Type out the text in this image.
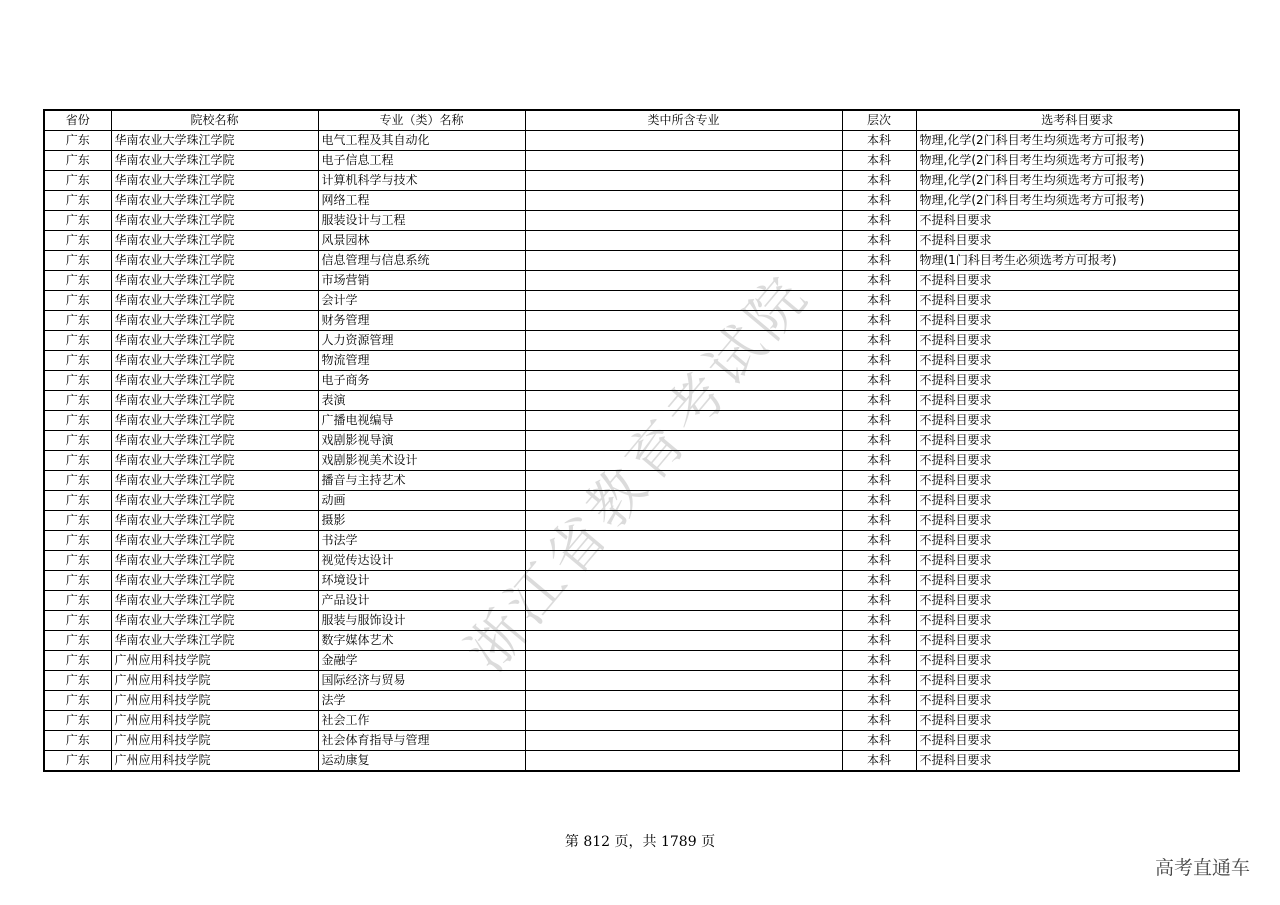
浙江省教育考试院
省份	院校名称	专业（类）名称	类中所含专业	层次	选考科目要求
广东	华南农业大学珠江学院	电气工程及其自动化		本科	物理,化学(2门科目考生均须选考方可报考)
广东	华南农业大学珠江学院	电子信息工程		本科	物理,化学(2门科目考生均须选考方可报考)
广东	华南农业大学珠江学院	计算机科学与技术		本科	物理,化学(2门科目考生均须选考方可报考)
广东	华南农业大学珠江学院	网络工程		本科	物理,化学(2门科目考生均须选考方可报考)
广东	华南农业大学珠江学院	服装设计与工程		本科	不提科目要求
广东	华南农业大学珠江学院	风景园林		本科	不提科目要求
广东	华南农业大学珠江学院	信息管理与信息系统		本科	物理(1门科目考生必须选考方可报考)
广东	华南农业大学珠江学院	市场营销		本科	不提科目要求
广东	华南农业大学珠江学院	会计学		本科	不提科目要求
广东	华南农业大学珠江学院	财务管理		本科	不提科目要求
广东	华南农业大学珠江学院	人力资源管理		本科	不提科目要求
广东	华南农业大学珠江学院	物流管理		本科	不提科目要求
广东	华南农业大学珠江学院	电子商务		本科	不提科目要求
广东	华南农业大学珠江学院	表演		本科	不提科目要求
广东	华南农业大学珠江学院	广播电视编导		本科	不提科目要求
广东	华南农业大学珠江学院	戏剧影视导演		本科	不提科目要求
广东	华南农业大学珠江学院	戏剧影视美术设计		本科	不提科目要求
广东	华南农业大学珠江学院	播音与主持艺术		本科	不提科目要求
广东	华南农业大学珠江学院	动画		本科	不提科目要求
广东	华南农业大学珠江学院	摄影		本科	不提科目要求
广东	华南农业大学珠江学院	书法学		本科	不提科目要求
广东	华南农业大学珠江学院	视觉传达设计		本科	不提科目要求
广东	华南农业大学珠江学院	环境设计		本科	不提科目要求
广东	华南农业大学珠江学院	产品设计		本科	不提科目要求
广东	华南农业大学珠江学院	服装与服饰设计		本科	不提科目要求
广东	华南农业大学珠江学院	数字媒体艺术		本科	不提科目要求
广东	广州应用科技学院	金融学		本科	不提科目要求
广东	广州应用科技学院	国际经济与贸易		本科	不提科目要求
广东	广州应用科技学院	法学		本科	不提科目要求
广东	广州应用科技学院	社会工作		本科	不提科目要求
广东	广州应用科技学院	社会体育指导与管理		本科	不提科目要求
广东	广州应用科技学院	运动康复		本科	不提科目要求
第 812 页，共 1789 页
高考直通车
